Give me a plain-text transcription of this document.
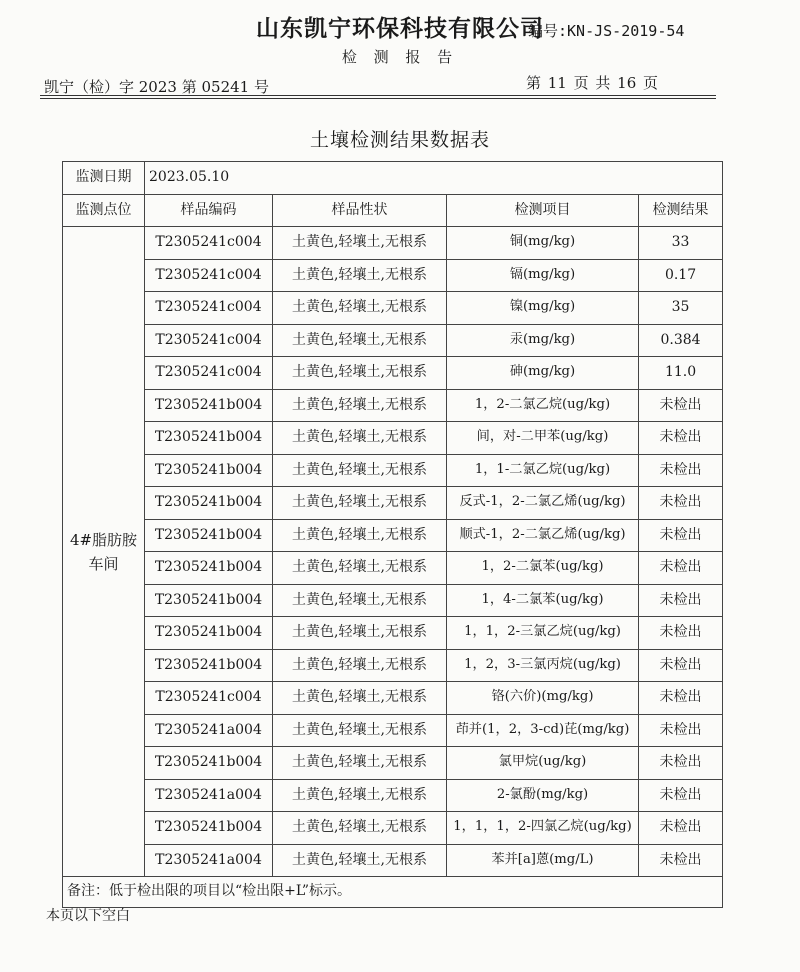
山东凯宁环保科技有限公司
编号:KN-JS-2019-54
检 测 报 告
凯宁（检）字 2023 第 05241 号	第 11 页 共 16 页
土壤检测结果数据表
监测日期	2023.05.10			
监测点位	样品编码	样品性状	检测项目	检测结果
4#脂肪胺车间	T2305241c004	土黄色,轻壤土,无根系	铜(mg/kg)	33
	T2305241c004	土黄色,轻壤土,无根系	镉(mg/kg)	0.17
	T2305241c004	土黄色,轻壤土,无根系	镍(mg/kg)	35
	T2305241c004	土黄色,轻壤土,无根系	汞(mg/kg)	0.384
	T2305241c004	土黄色,轻壤土,无根系	砷(mg/kg)	11.0
	T2305241b004	土黄色,轻壤土,无根系	1，2-二氯乙烷(ug/kg)	未检出
	T2305241b004	土黄色,轻壤土,无根系	间，对-二甲苯(ug/kg)	未检出
	T2305241b004	土黄色,轻壤土,无根系	1，1-二氯乙烷(ug/kg)	未检出
	T2305241b004	土黄色,轻壤土,无根系	反式-1，2-二氯乙烯(ug/kg)	未检出
	T2305241b004	土黄色,轻壤土,无根系	顺式-1，2-二氯乙烯(ug/kg)	未检出
	T2305241b004	土黄色,轻壤土,无根系	1，2-二氯苯(ug/kg)	未检出
	T2305241b004	土黄色,轻壤土,无根系	1，4-二氯苯(ug/kg)	未检出
	T2305241b004	土黄色,轻壤土,无根系	1，1，2-三氯乙烷(ug/kg)	未检出
	T2305241b004	土黄色,轻壤土,无根系	1，2，3-三氯丙烷(ug/kg)	未检出
	T2305241c004	土黄色,轻壤土,无根系	铬(六价)(mg/kg)	未检出
	T2305241a004	土黄色,轻壤土,无根系	茚并(1，2，3-cd)芘(mg/kg)	未检出
	T2305241b004	土黄色,轻壤土,无根系	氯甲烷(ug/kg)	未检出
	T2305241a004	土黄色,轻壤土,无根系	2-氯酚(mg/kg)	未检出
	T2305241b004	土黄色,轻壤土,无根系	1，1，1，2-四氯乙烷(ug/kg)	未检出
	T2305241a004	土黄色,轻壤土,无根系	苯并[a]蒽(mg/L)	未检出
备注：低于检出限的项目以“检出限+L”标示。				
本页以下空白
